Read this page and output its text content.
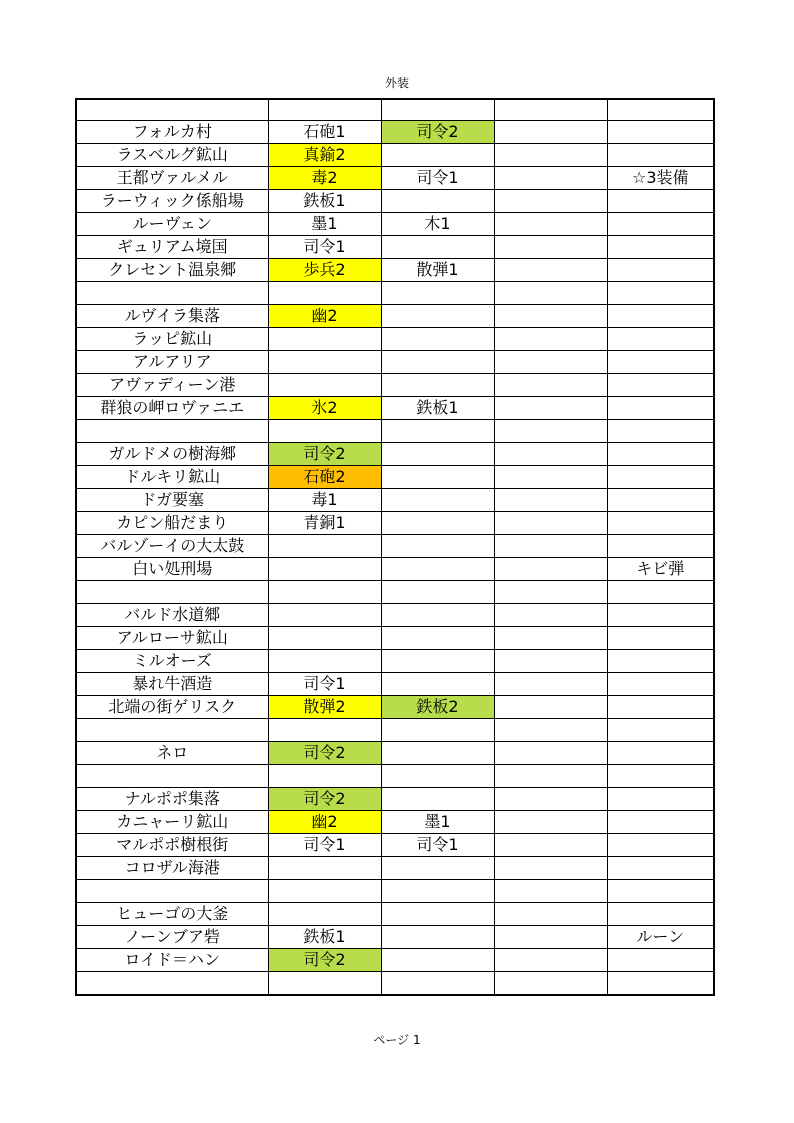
外装

フォルカ村	石砲1	司令2		
ラスベルグ鉱山	真鍮2			
王都ヴァルメル	毒2	司令1		☆3装備
ラーウィック係船場	鉄板1			
ルーヴェン	墨1	木1		
ギュリアム境国	司令1			
クレセント温泉郷	歩兵2	散弾1		

ルヴイラ集落	幽2			
ラッピ鉱山				
アルアリア				
アヴァディーン港				
群狼の岬ロヴァニエ	氷2	鉄板1		

ガルドメの樹海郷	司令2			
ドルキリ鉱山	石砲2			
ドガ要塞	毒1			
カピン船だまり	青銅1			
バルゾーイの大太鼓				
白い処刑場				キビ弾

バルド水道郷				
アルローサ鉱山				
ミルオーズ				
暴れ牛酒造	司令1			
北端の街ゲリスク	散弾2	鉄板2		

ネロ	司令2			

ナルポポ集落	司令2			
カニャーリ鉱山	幽2	墨1		
マルポポ樹根街	司令1	司令1		
コロザル海港				

ヒューゴの大釜				
ノーンブア砦	鉄板1			ルーン
ロイド＝ハン	司令2			

ページ 1
